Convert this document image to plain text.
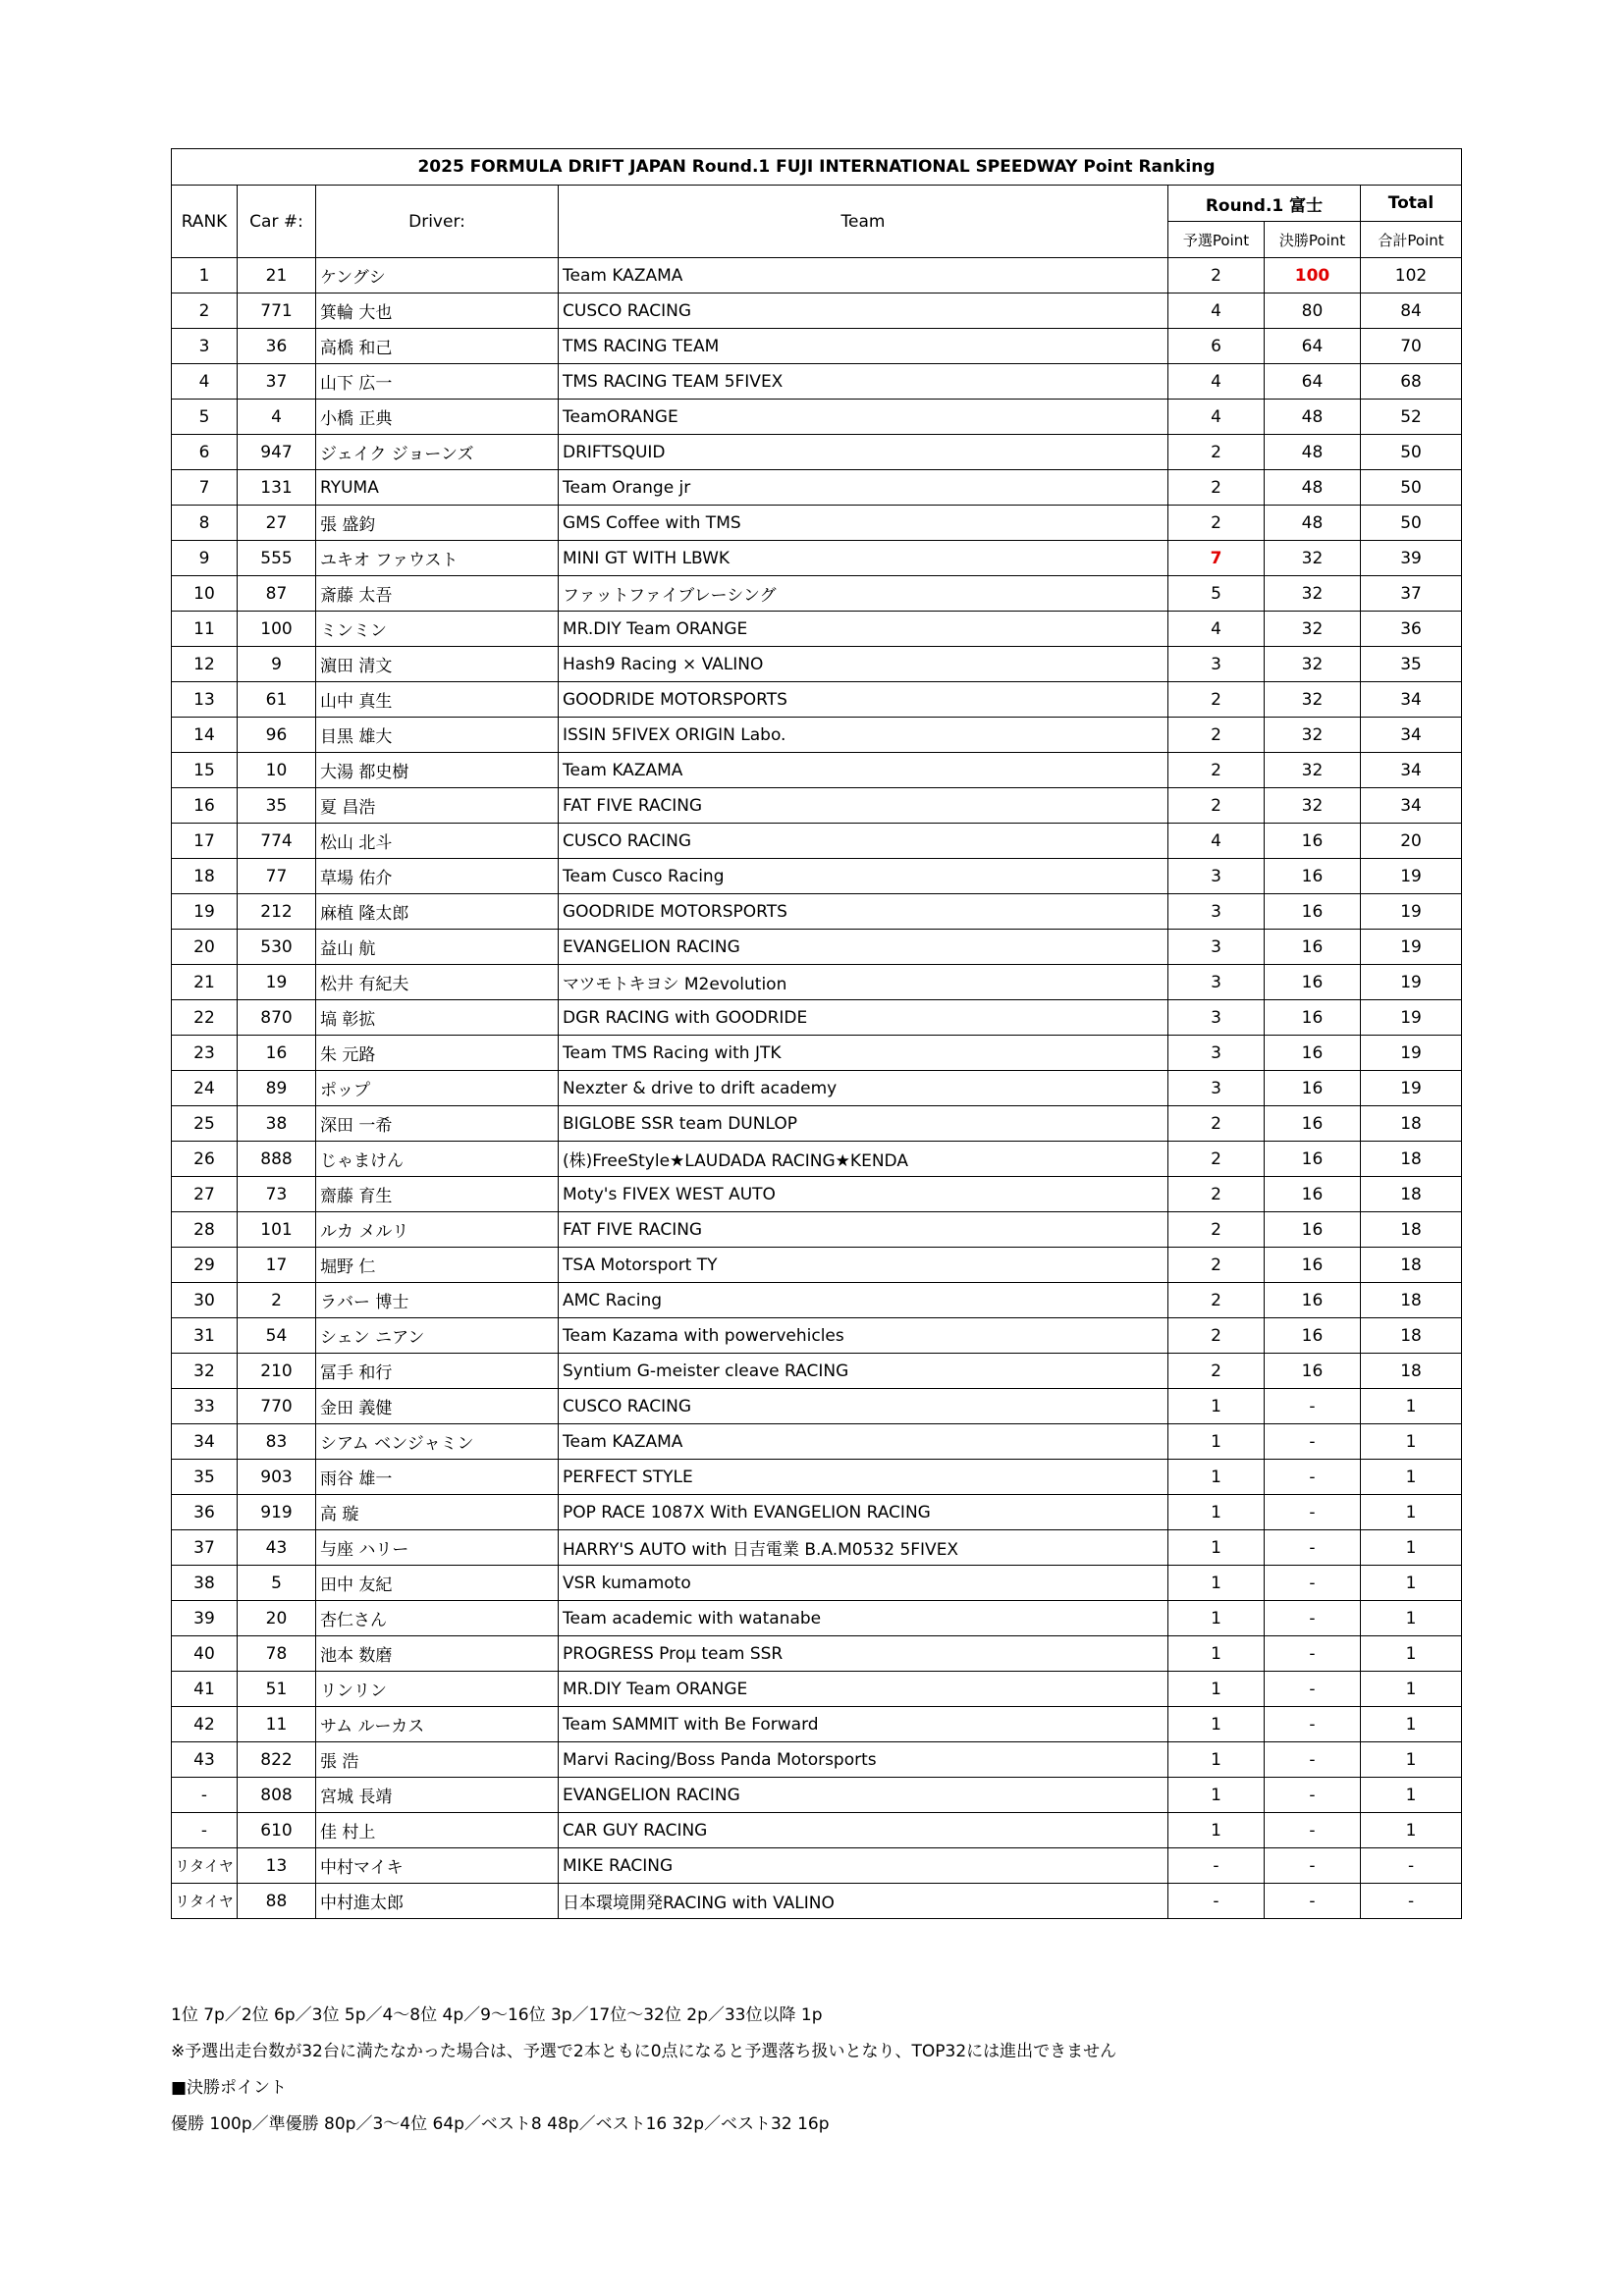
2025 FORMULA DRIFT JAPAN Round.1 FUJI INTERNATIONAL SPEEDWAY Point Ranking						
RANK	Car #:	Driver:	Team	Round.1 富士		Total
				予選Point	決勝Point	合計Point
1	21	ケングシ	Team KAZAMA	2	100	102
2	771	箕輪 大也	CUSCO RACING	4	80	84
3	36	高橋 和己	TMS RACING TEAM	6	64	70
4	37	山下 広一	TMS RACING TEAM 5FIVEX	4	64	68
5	4	小橋 正典	TeamORANGE	4	48	52
6	947	ジェイク ジョーンズ	DRIFTSQUID	2	48	50
7	131	RYUMA	Team Orange jr	2	48	50
8	27	張 盛鈞	GMS Coffee with TMS	2	48	50
9	555	ユキオ ファウスト	MINI GT WITH LBWK	7	32	39
10	87	斎藤 太吾	ファットファイブレーシング	5	32	37
11	100	ミンミン	MR.DIY Team ORANGE	4	32	36
12	9	濵田 清文	Hash9 Racing × VALINO	3	32	35
13	61	山中 真生	GOODRIDE MOTORSPORTS	2	32	34
14	96	目黒 雄大	ISSIN 5FIVEX ORIGIN Labo.	2	32	34
15	10	大湯 都史樹	Team KAZAMA	2	32	34
16	35	夏 昌浩	FAT FIVE RACING	2	32	34
17	774	松山 北斗	CUSCO RACING	4	16	20
18	77	草場 佑介	Team Cusco Racing	3	16	19
19	212	麻植 隆太郎	GOODRIDE MOTORSPORTS	3	16	19
20	530	益山 航	EVANGELION RACING	3	16	19
21	19	松井 有紀夫	マツモトキヨシ M2evolution	3	16	19
22	870	塙 彰拡	DGR RACING with GOODRIDE	3	16	19
23	16	朱 元路	Team TMS Racing with JTK	3	16	19
24	89	ポップ	Nexzter & drive to drift academy	3	16	19
25	38	深田 一希	BIGLOBE SSR team DUNLOP	2	16	18
26	888	じゃまけん	(株)FreeStyle★LAUDADA RACING★KENDA	2	16	18
27	73	齋藤 育生	Moty's FIVEX WEST AUTO	2	16	18
28	101	ルカ メルリ	FAT FIVE RACING	2	16	18
29	17	堀野 仁	TSA Motorsport TY	2	16	18
30	2	ラバー 博士	AMC Racing	2	16	18
31	54	シェン ニアン	Team Kazama with powervehicles	2	16	18
32	210	冨手 和行	Syntium G-meister cleave RACING	2	16	18
33	770	金田 義健	CUSCO RACING	1	-	1
34	83	シアム ベンジャミン	Team KAZAMA	1	-	1
35	903	雨谷 雄一	PERFECT STYLE	1	-	1
36	919	高 璇	POP RACE 1087X With EVANGELION RACING	1	-	1
37	43	与座 ハリー	HARRY'S AUTO with 日吉電業 B.A.M0532 5FIVEX	1	-	1
38	5	田中 友紀	VSR kumamoto	1	-	1
39	20	杏仁さん	Team academic with watanabe	1	-	1
40	78	池本 数磨	PROGRESS Proμ team SSR	1	-	1
41	51	リンリン	MR.DIY Team ORANGE	1	-	1
42	11	サム ルーカス	Team SAMMIT with Be Forward	1	-	1
43	822	張 浩	Marvi Racing/Boss Panda Motorsports	1	-	1
-	808	宮城 長靖	EVANGELION RACING	1	-	1
-	610	佳 村上	CAR GUY RACING	1	-	1
リタイヤ	13	中村マイキ	MIKE RACING	-	-	-
リタイヤ	88	中村進太郎	日本環境開発RACING with VALINO	-	-	-
1位 7p／2位 6p／3位 5p／4～8位 4p／9～16位 3p／17位～32位 2p／33位以降 1p
※予選出走台数が32台に満たなかった場合は、予選で2本ともに0点になると予選落ち扱いとなり、TOP32には進出できません
■決勝ポイント
優勝 100p／準優勝 80p／3～4位 64p／ベスト8 48p／ベスト16 32p／ベスト32 16p
